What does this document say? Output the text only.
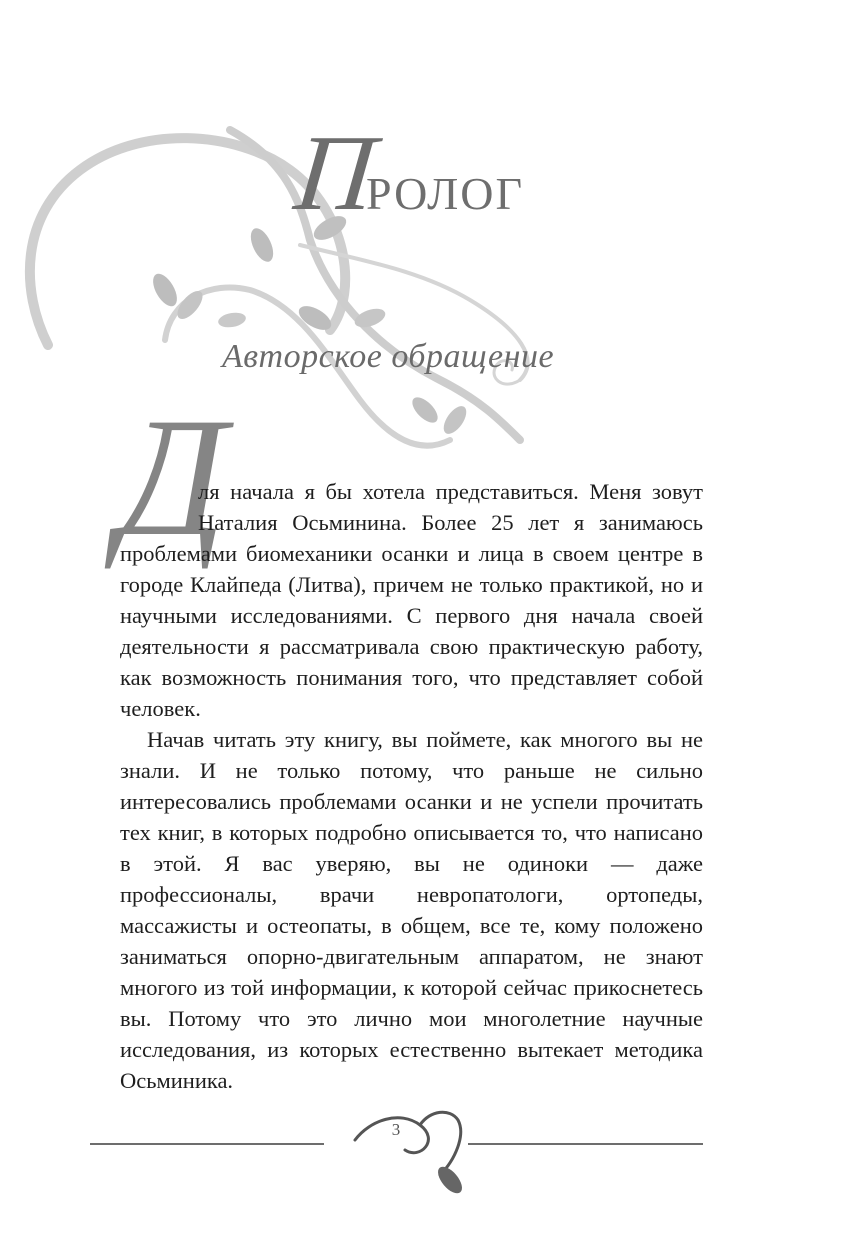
ПРОЛОГ
Авторское обращение
Д

ля начала я бы хотела представиться. Меня зовут Наталия Осьминина. Более 25 лет я занимаюсь проблемами биомеханики осанки и лица в своем центре в городе Клайпеда (Литва), причем не только практикой, но и научными исследованиями. С первого дня начала своей деятельности я рассматривала свою практическую работу, как возможность понимания того, что представляет собой человек.

Начав читать эту книгу, вы поймете, как многого вы не знали. И не только потому, что раньше не сильно интересовались проблемами осанки и не успели прочитать тех книг, в которых подробно описывается то, что написано в этой. Я вас уверяю, вы не одиноки — даже профессионалы, врачи невропатологи, ортопеды, массажисты и остеопаты, в общем, все те, кому положено заниматься опорно-двигательным аппаратом, не знают многого из той информации, к которой сейчас прикоснетесь вы. Потому что это лично мои многолетние научные исследования, из которых естественно вытекает методика Осьминика.

3
